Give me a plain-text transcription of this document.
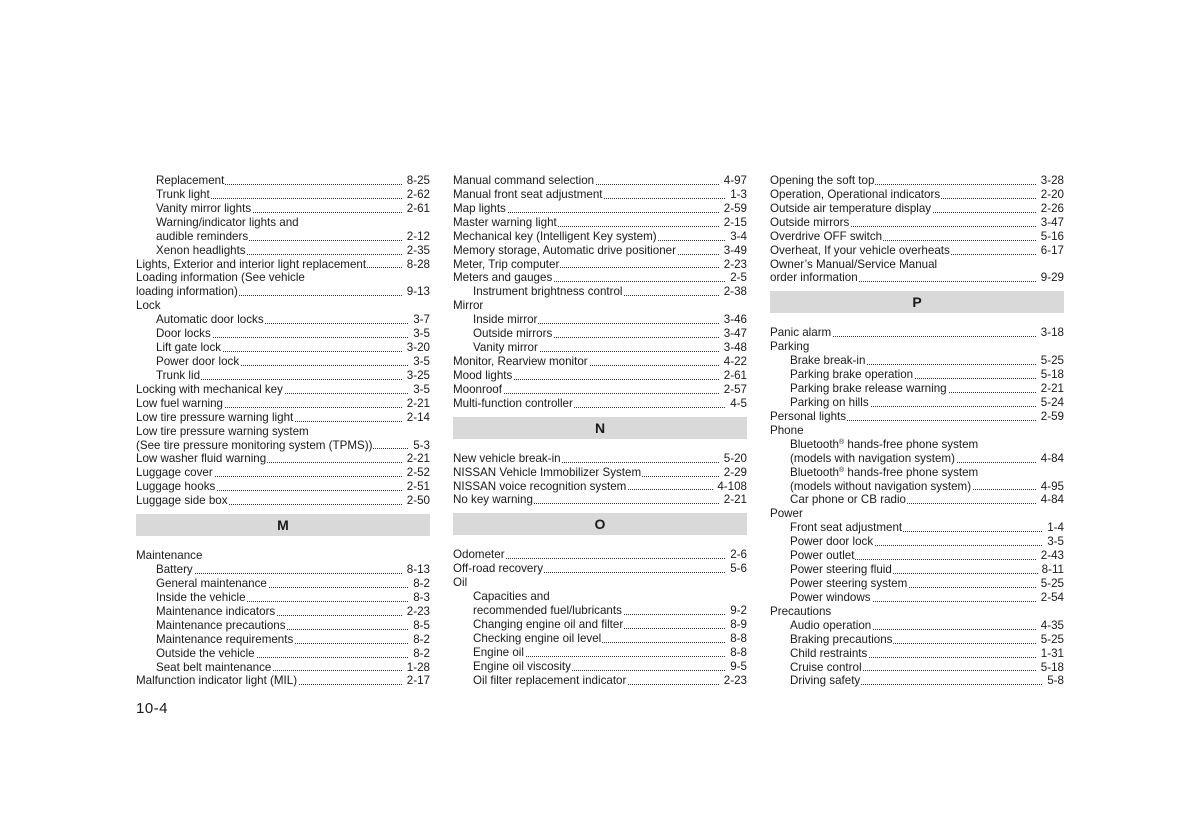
Replacement	8-25
Trunk light	2-62
Vanity mirror lights	2-61
Warning/indicator lights and
audible reminders	2-12
Xenon headlights	2-35
Lights, Exterior and interior light replacement	8-28
Loading information (See vehicle
loading information)	9-13
Lock
Automatic door locks	3-7
Door locks	3-5
Lift gate lock	3-20
Power door lock	3-5
Trunk lid	3-25
Locking with mechanical key	3-5
Low fuel warning	2-21
Low tire pressure warning light	2-14
Low tire pressure warning system
(See tire pressure monitoring system (TPMS))	5-3
Low washer fluid warning	2-21
Luggage cover	2-52
Luggage hooks	2-51
Luggage side box	2-50
M
Maintenance
Battery	8-13
General maintenance	8-2
Inside the vehicle	8-3
Maintenance indicators	2-23
Maintenance precautions	8-5
Maintenance requirements	8-2
Outside the vehicle	8-2
Seat belt maintenance	1-28
Malfunction indicator light (MIL)	2-17
Manual command selection	4-97
Manual front seat adjustment	1-3
Map lights	2-59
Master warning light	2-15
Mechanical key (Intelligent Key system)	3-4
Memory storage, Automatic drive positioner	3-49
Meter, Trip computer	2-23
Meters and gauges	2-5
Instrument brightness control	2-38
Mirror
Inside mirror	3-46
Outside mirrors	3-47
Vanity mirror	3-48
Monitor, Rearview monitor	4-22
Mood lights	2-61
Moonroof	2-57
Multi-function controller	4-5
N
New vehicle break-in	5-20
NISSAN Vehicle Immobilizer System	2-29
NISSAN voice recognition system	4-108
No key warning	2-21
O
Odometer	2-6
Off-road recovery	5-6
Oil
Capacities and
recommended fuel/lubricants	9-2
Changing engine oil and filter	8-9
Checking engine oil level	8-8
Engine oil	8-8
Engine oil viscosity	9-5
Oil filter replacement indicator	2-23
Opening the soft top	3-28
Operation, Operational indicators	2-20
Outside air temperature display	2-26
Outside mirrors	3-47
Overdrive OFF switch	5-16
Overheat, If your vehicle overheats	6-17
Owner’s Manual/Service Manual
order information	9-29
P
Panic alarm	3-18
Parking
Brake break-in	5-25
Parking brake operation	5-18
Parking brake release warning	2-21
Parking on hills	5-24
Personal lights	2-59
Phone
Bluetooth® hands-free phone system
(models with navigation system)	4-84
Bluetooth® hands-free phone system
(models without navigation system)	4-95
Car phone or CB radio	4-84
Power
Front seat adjustment	1-4
Power door lock	3-5
Power outlet	2-43
Power steering fluid	8-11
Power steering system	5-25
Power windows	2-54
Precautions
Audio operation	4-35
Braking precautions	5-25
Child restraints	1-31
Cruise control	5-18
Driving safety	5-8
10-4
